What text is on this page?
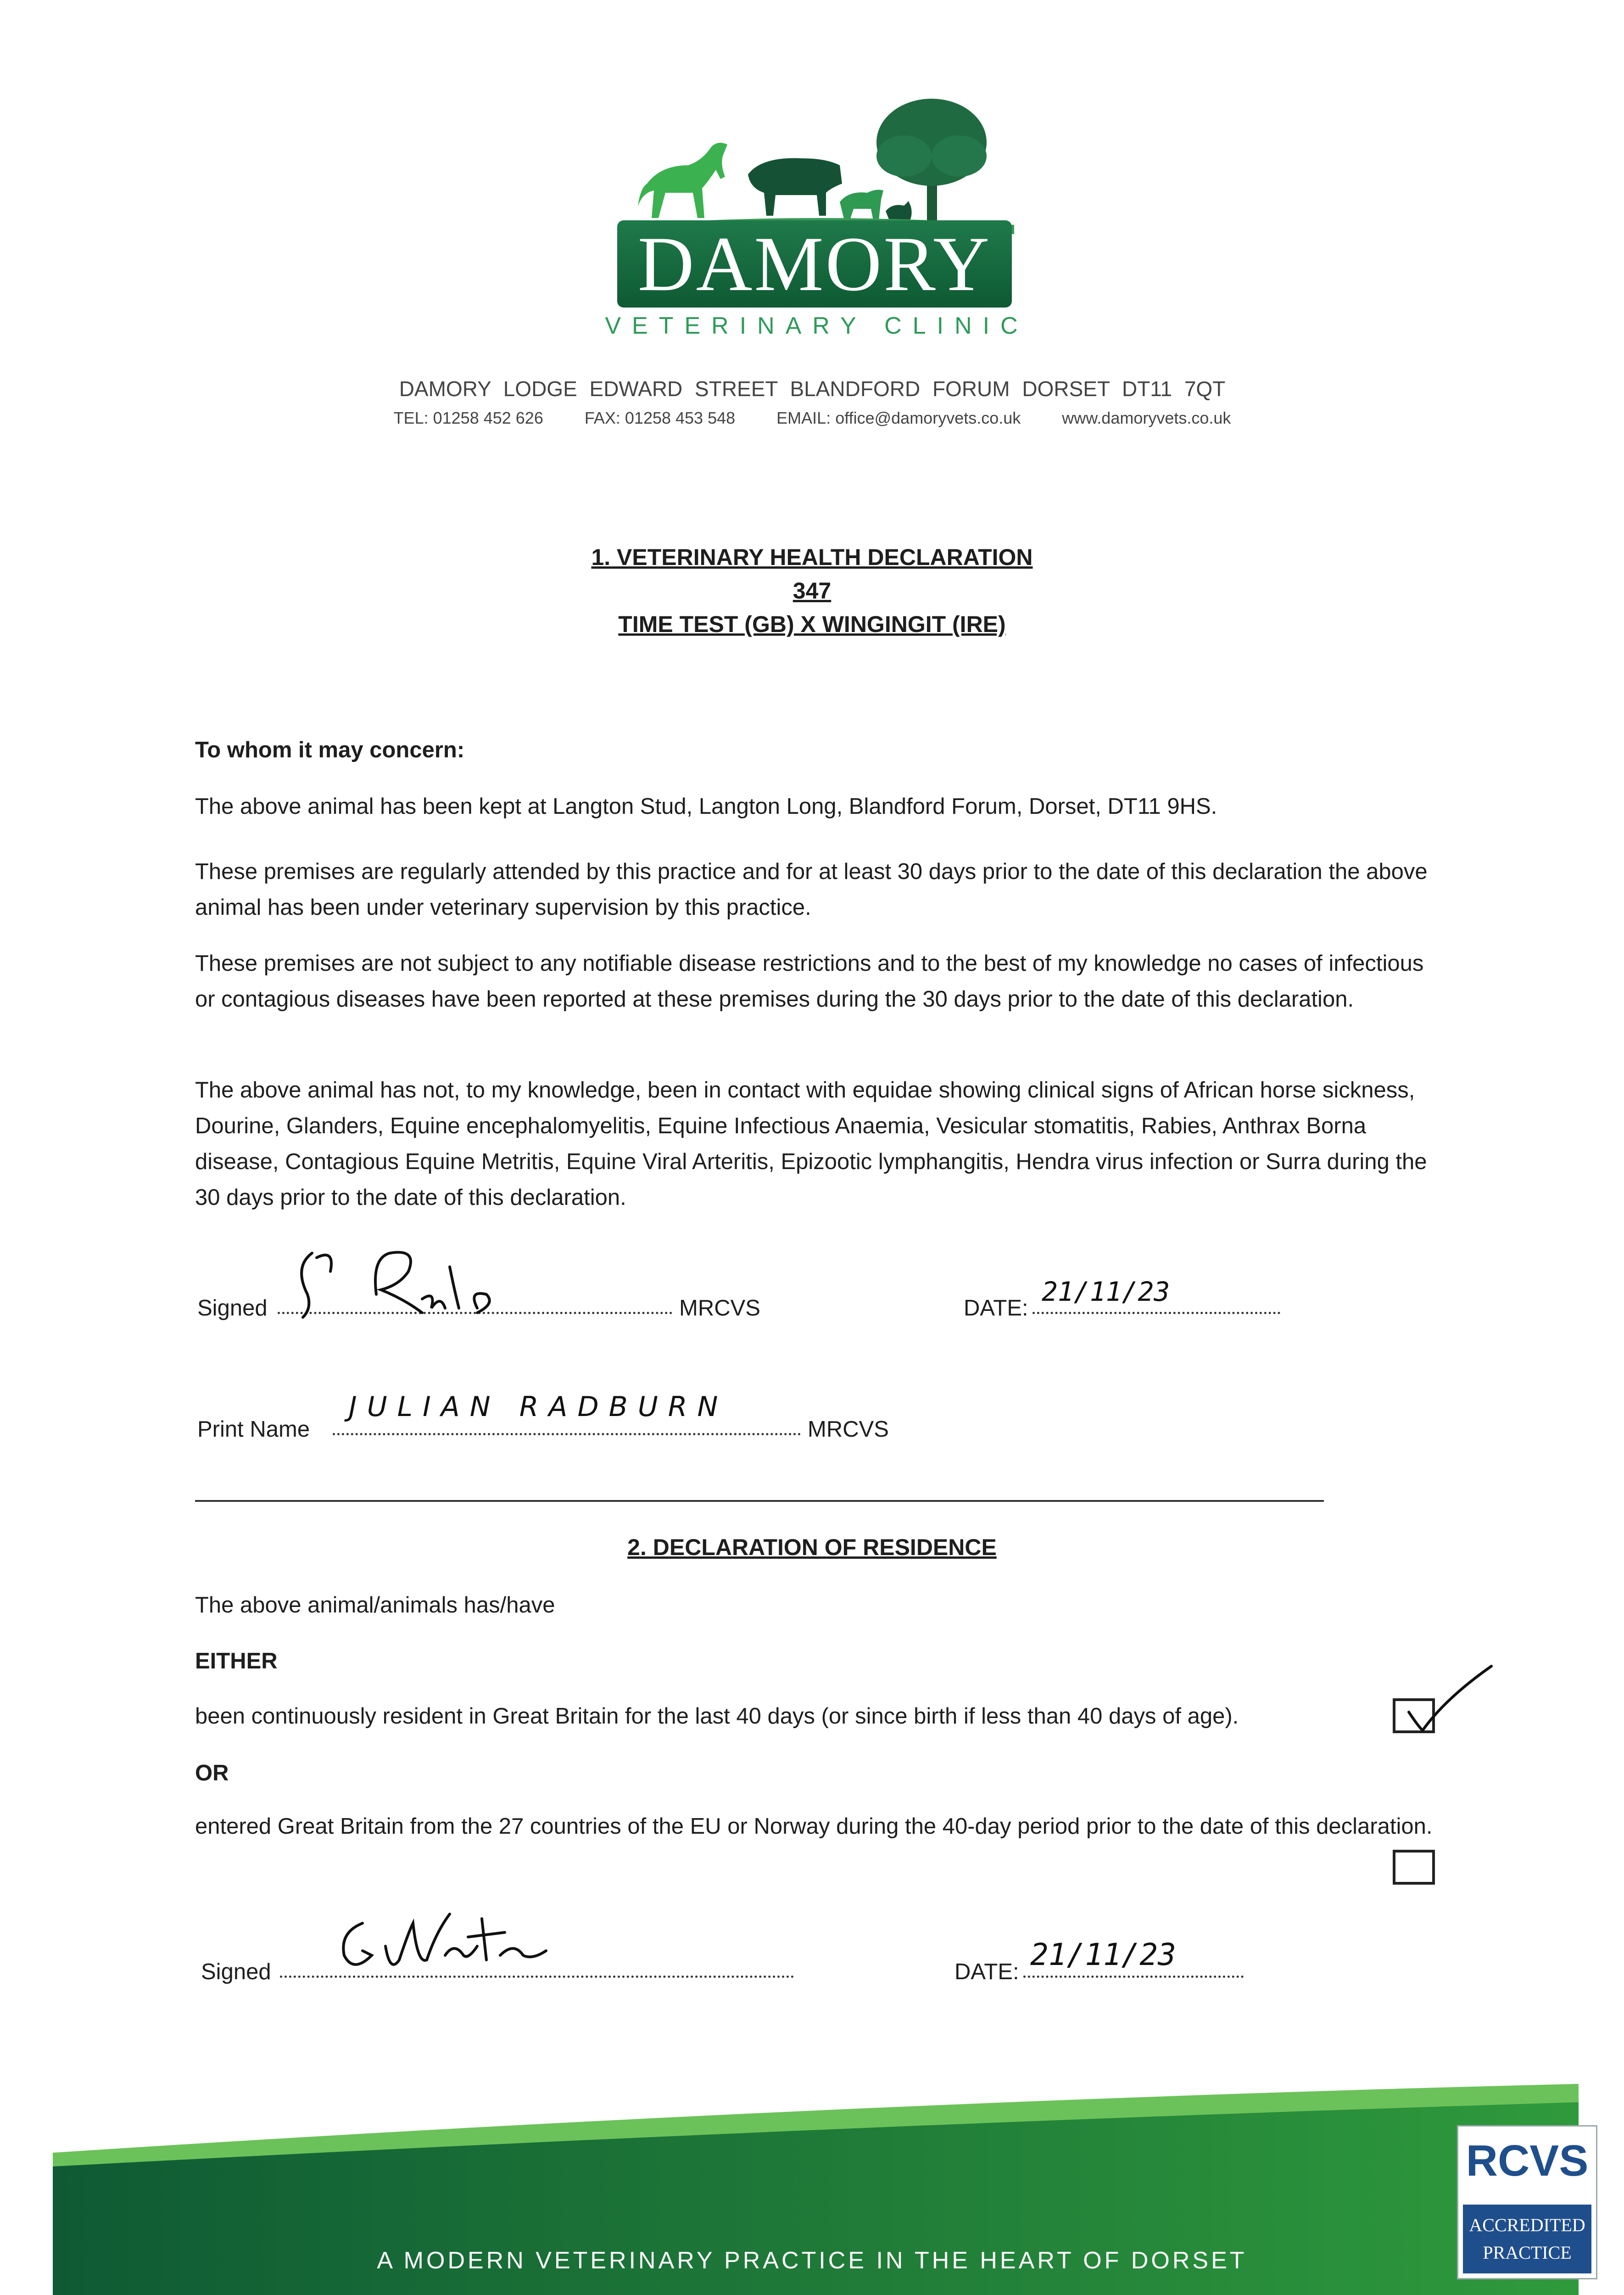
DAMORY
VETERINARY CLINIC
DAMORY LODGE EDWARD STREET BLANDFORD FORUM DORSET DT11 7QT
TEL: 01258 452 626	FAX: 01258 453 548	EMAIL: office@damoryvets.co.uk	www.damoryvets.co.uk
1. VETERINARY HEALTH DECLARATION
347
TIME TEST (GB) X WINGINGIT (IRE)
To whom it may concern:
The above animal has been kept at Langton Stud, Langton Long, Blandford Forum, Dorset, DT11 9HS.
These premises are regularly attended by this practice and for at least 30 days prior to the date of this declaration the above animal has been under veterinary supervision by this practice.
These premises are not subject to any notifiable disease restrictions and to the best of my knowledge no cases of infectious or contagious diseases have been reported at these premises during the 30 days prior to the date of this declaration.
The above animal has not, to my knowledge, been in contact with equidae showing clinical signs of African horse sickness, Dourine, Glanders, Equine encephalomyelitis, Equine Infectious Anaemia, Vesicular stomatitis, Rabies, Anthrax Borna disease, Contagious Equine Metritis, Equine Viral Arteritis, Epizootic lymphangitis, Hendra virus infection or Surra during the 30 days prior to the date of this declaration.
Signed	MRCVS	DATE:
21/11/23
Print Name	MRCVS
JULIAN RADBURN
2. DECLARATION OF RESIDENCE
The above animal/animals has/have
EITHER
been continuously resident in Great Britain for the last 40 days (or since birth if less than 40 days of age).
OR
entered Great Britain from the 27 countries of the EU or Norway during the 40-day period prior to the date of this declaration.
Signed	DATE: 21/11/23
A MODERN VETERINARY PRACTICE IN THE HEART OF DORSET
RCVS
ACCREDITED
PRACTICE
